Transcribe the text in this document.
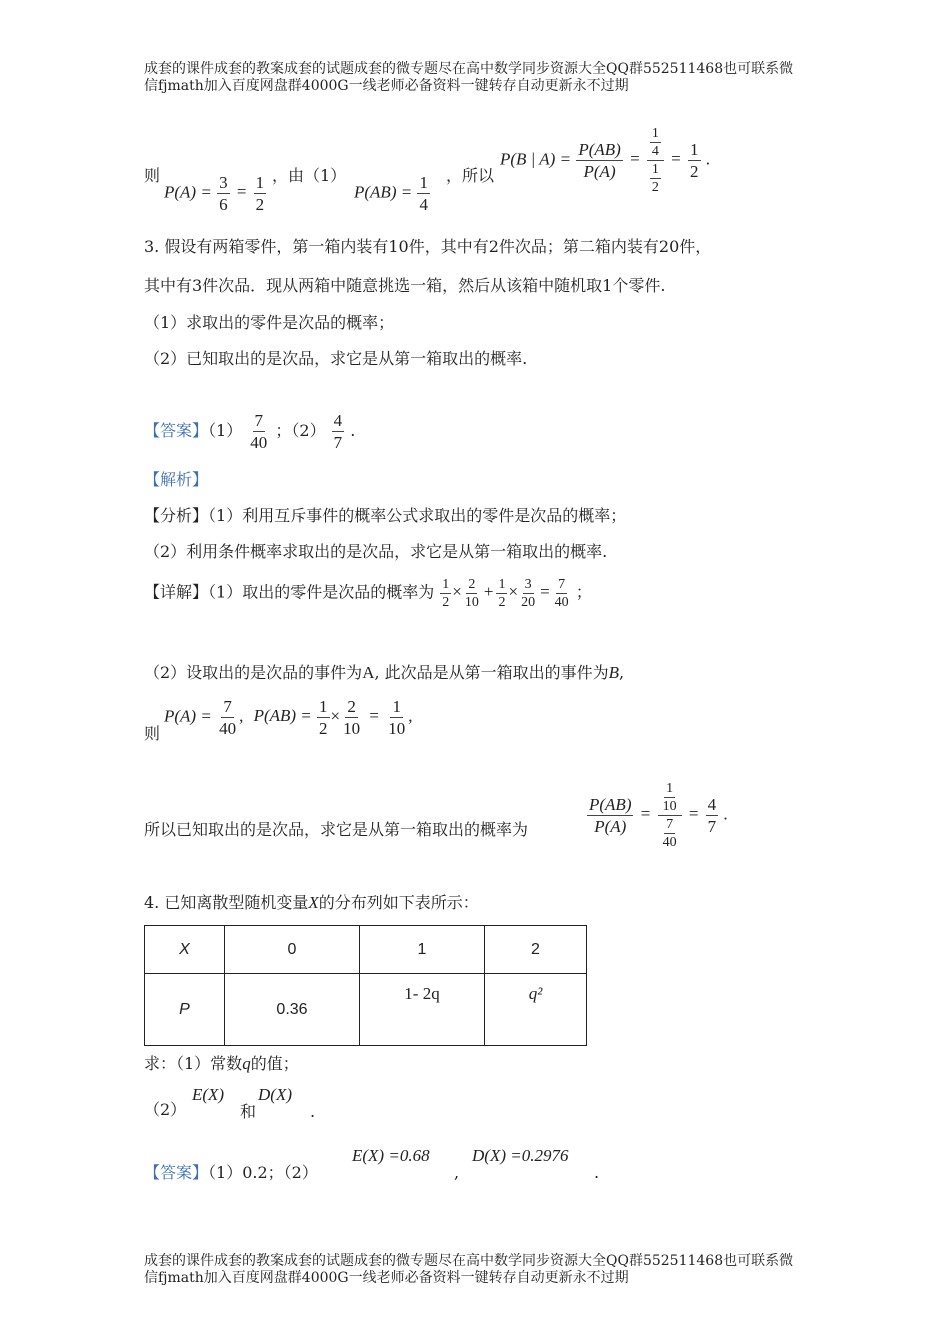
成套的课件成套的教案成套的试题成套的微专题尽在高中数学同步资源大全QQ群552511468也可联系微
信fjmath加入百度网盘群4000G一线老师必备资料一键转存自动更新永不过期
则
$P(A) = \frac{3}{6} = \frac{1}{2}$ ，由（1）
$P(AB) = \frac{1}{4}$ ，所以
P(B | $A) = \frac{P(AB)}{P(A)} = \frac{\frac{1}{4}}{\frac{1}{2}} = \frac{1}{2}$ .
3. 假设有两箱零件，第一箱内装有10件，其中有2件次品；第二箱内装有20件，
其中有3件次品．现从两箱中随意挑选一箱，然后从该箱中随机取1个零件.
（1）求取出的零件是次品的概率；
（2）已知取出的是次品，求它是从第一箱取出的概率.
【答案】$(1) \frac{7}{40}$ ；$(2) \frac{4}{7}$ .
【解析】
【分析】（1）利用互斥事件的概率公式求取出的零件是次品的概率；
（2）利用条件概率求取出的是次品，求它是从第一箱取出的概率.
【详解】（1）取出的零件是次品的概率为 $\frac{1}{2} \times \frac{2}{10} + \frac{1}{2} \times \frac{3}{20} = \frac{7}{40}$ ；
（2）设取出的是次品的事件为A, 此次品是从第一箱取出的事件为B,
则
$P(A) = \frac{7}{40}$ , $P(AB) = \frac{1}{2} \times \frac{2}{10} = \frac{1}{10}$ ,
所以已知取出的是次品，求它是从第一箱取出的概率为	$\frac{P(AB)}{P(A)} = \frac{\frac{1}{10}}{\frac{7}{40}} = \frac{4}{7}$ .
4. 已知离散型随机变量X的分布列如下表所示：
X	0	1	2
P	0.36	1- 2q	q²
求：（1）常数q的值；
（2）
E(X)
和
D(X)
.
【答案】（1）0.2；（2）
E(X) =0.68
,
D(X) =0.2976
.
成套的课件成套的教案成套的试题成套的微专题尽在高中数学同步资源大全QQ群552511468也可联系微
信fjmath加入百度网盘群4000G一线老师必备资料一键转存自动更新永不过期
